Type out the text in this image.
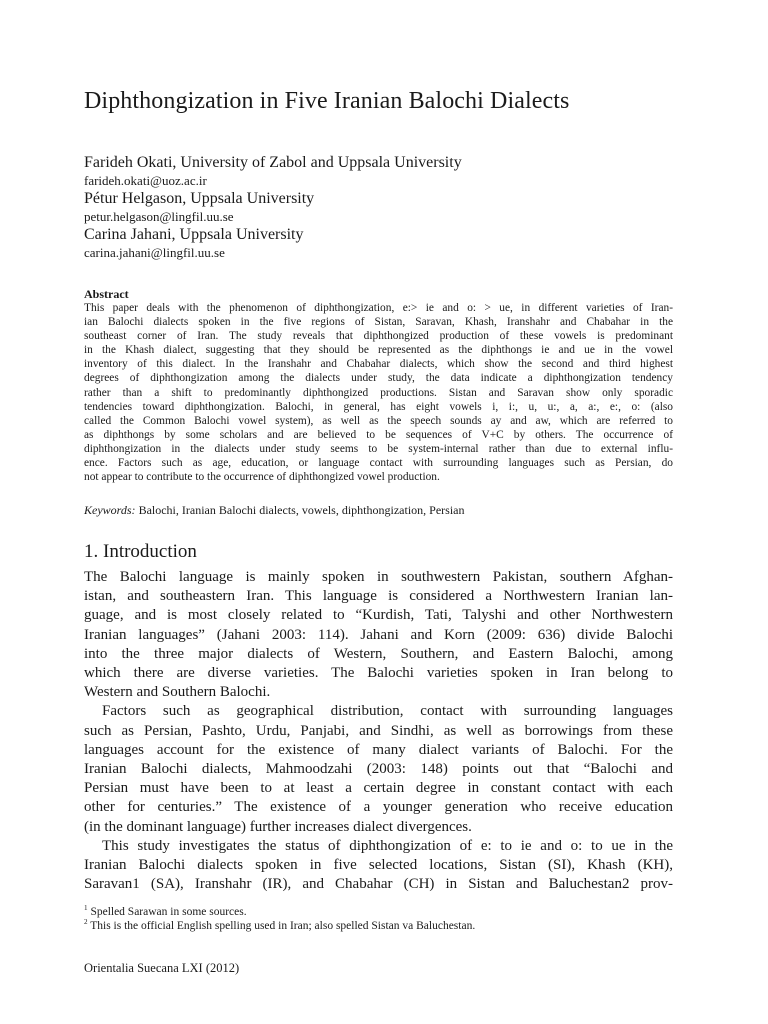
Diphthongization in Five Iranian Balochi Dialects

Farideh Okati, University of Zabol and Uppsala University

farideh.okati@uoz.ac.ir

Pétur Helgason, Uppsala University

petur.helgason@lingfil.uu.se

Carina Jahani, Uppsala University

carina.jahani@lingfil.uu.se

Abstract

This paper deals with the phenomenon of diphthongization, e:> ie and o: > ue, in different varieties of Iran-
ian Balochi dialects spoken in the five regions of Sistan, Saravan, Khash, Iranshahr and Chabahar in the
southeast corner of Iran. The study reveals that diphthongized production of these vowels is predominant
in the Khash dialect, suggesting that they should be represented as the diphthongs ie and ue in the vowel
inventory of this dialect. In the Iranshahr and Chabahar dialects, which show the second and third highest
degrees of diphthongization among the dialects under study, the data indicate a diphthongization tendency
rather than a shift to predominantly diphthongized productions. Sistan and Saravan show only sporadic
tendencies toward diphthongization. Balochi, in general, has eight vowels i, i:, u, u:, a, a:, e:, o: (also
called the Common Balochi vowel system), as well as the speech sounds ay and aw, which are referred to
as diphthongs by some scholars and are believed to be sequences of V+C by others. The occurrence of
diphthongization in the dialects under study seems to be system-internal rather than due to external influ-
ence. Factors such as age, education, or language contact with surrounding languages such as Persian, do
not appear to contribute to the occurrence of diphthongized vowel production.

Keywords: Balochi, Iranian Balochi dialects, vowels, diphthongization, Persian

1. Introduction
The Balochi language is mainly spoken in southwestern Pakistan, southern Afghan-
istan, and southeastern Iran. This language is considered a Northwestern Iranian lan-
guage, and is most closely related to “Kurdish, Tati, Talyshi and other Northwestern
Iranian languages” (Jahani 2003: 114). Jahani and Korn (2009: 636) divide Balochi
into the three major dialects of Western, Southern, and Eastern Balochi, among
which there are diverse varieties. The Balochi varieties spoken in Iran belong to
Western and Southern Balochi.
Factors such as geographical distribution, contact with surrounding languages
such as Persian, Pashto, Urdu, Panjabi, and Sindhi, as well as borrowings from these
languages account for the existence of many dialect variants of Balochi. For the
Iranian Balochi dialects, Mahmoodzahi (2003: 148) points out that “Balochi and
Persian must have been to at least a certain degree in constant contact with each
other for centuries.” The existence of a younger generation who receive education
(in the dominant language) further increases dialect divergences.
This study investigates the status of diphthongization of e: to ie and o: to ue in the
Iranian Balochi dialects spoken in five selected locations, Sistan (SI), Khash (KH),
Saravan1 (SA), Iranshahr (IR), and Chabahar (CH) in Sistan and Baluchestan2 prov-
$^1$ Spelled Sarawan in some sources.
$^2$ This is the official English spelling used in Iran; also spelled Sistan va Baluchestan.

Orientalia Suecana LXI (2012)
